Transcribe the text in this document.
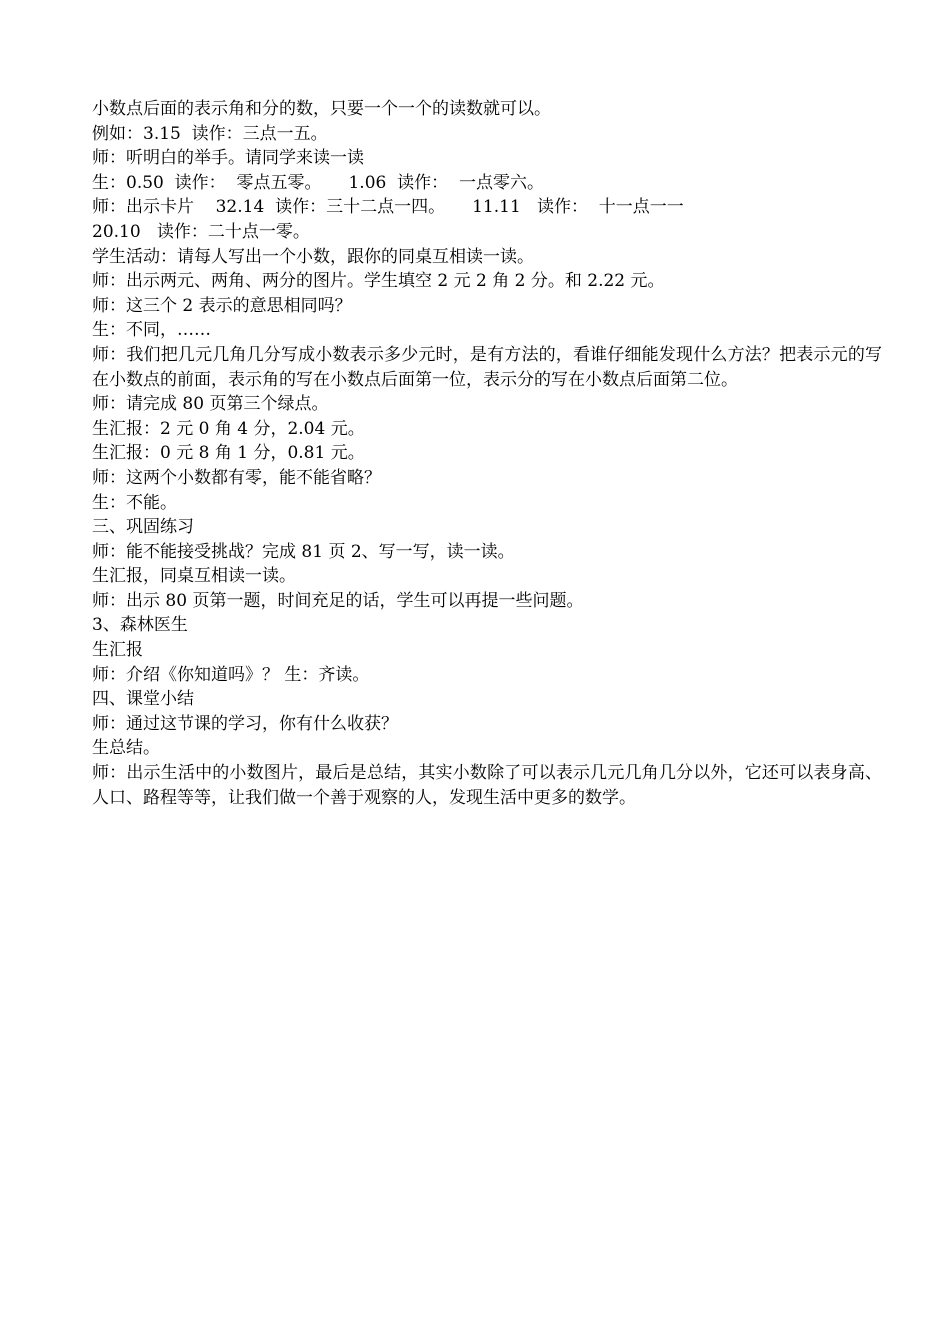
小数点后面的表示角和分的数，只要一个一个的读数就可以。

例如：3.15  读作：三点一五。

师：听明白的举手。请同学来读一读

生：0.50  读作：  零点五零。     1.06  读作：  一点零六。

师：出示卡片    32.14  读作：三十二点一四。     11.11   读作：  十一点一一

20.10   读作：二十点一零。

学生活动：请每人写出一个小数，跟你的同桌互相读一读。

师：出示两元、两角、两分的图片。学生填空 2 元 2 角 2 分。和 2.22 元。

师：这三个 2 表示的意思相同吗？

生：不同，……

师：我们把几元几角几分写成小数表示多少元时，是有方法的，看谁仔细能发现什么方法？把表示元的写在小数点的前面，表示角的写在小数点后面第一位，表示分的写在小数点后面第二位。

师：请完成 80 页第三个绿点。

生汇报：2 元 0 角 4 分，2.04 元。

生汇报：0 元 8 角 1 分，0.81 元。

师：这两个小数都有零，能不能省略？

生：不能。

三、巩固练习

师：能不能接受挑战？完成 81 页 2、写一写，读一读。

生汇报，同桌互相读一读。

师：出示 80 页第一题，时间充足的话，学生可以再提一些问题。

3、森林医生

生汇报

师：介绍《你知道吗》？ 生：齐读。

四、课堂小结

师：通过这节课的学习，你有什么收获？

生总结。

师：出示生活中的小数图片，最后是总结，其实小数除了可以表示几元几角几分以外，它还可以表身高、人口、路程等等，让我们做一个善于观察的人，发现生活中更多的数学。
